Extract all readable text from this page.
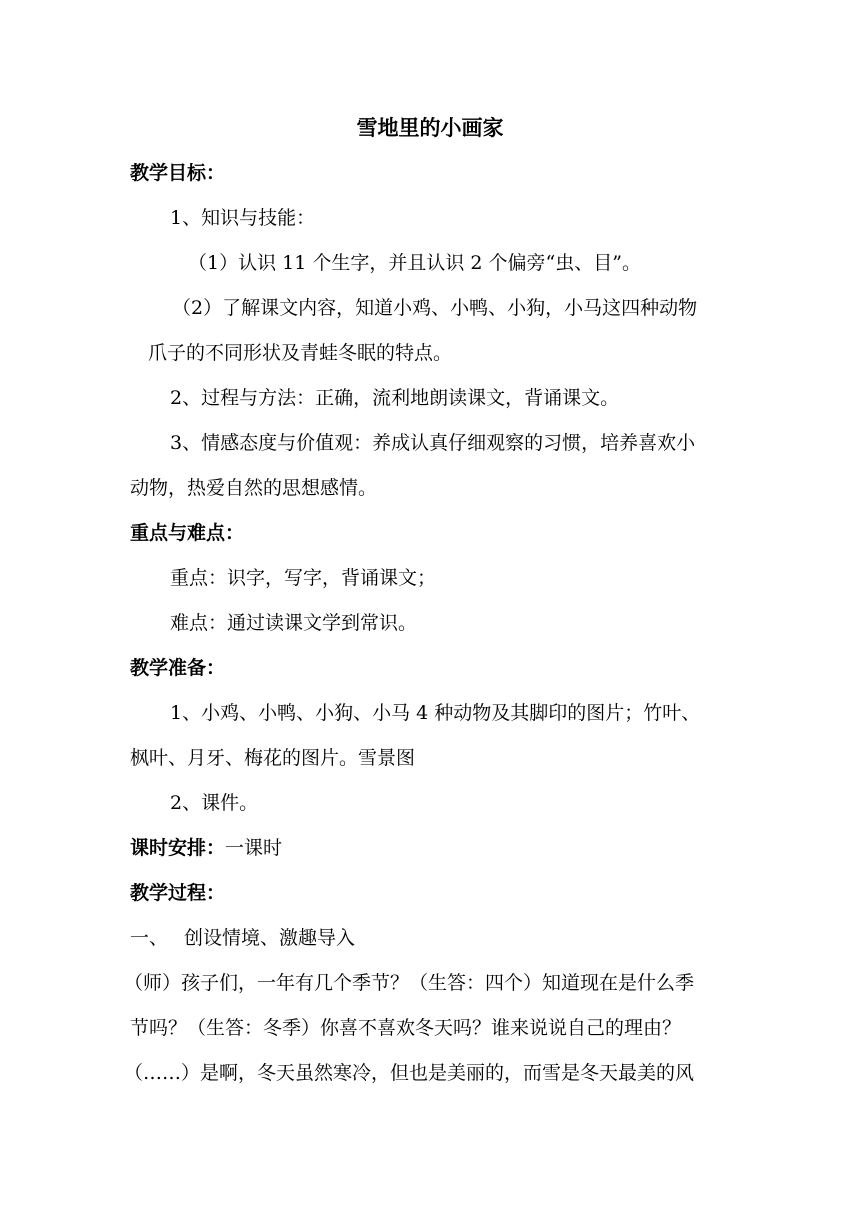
雪地里的小画家
教学目标：
1、知识与技能：
（1）认识 11 个生字，并且认识 2 个偏旁“虫、目”。
（2）了解课文内容，知道小鸡、小鸭、小狗，小马这四种动物
爪子的不同形状及青蛙冬眠的特点。
2、过程与方法：正确，流利地朗读课文，背诵课文。
3、情感态度与价值观：养成认真仔细观察的习惯，培养喜欢小
动物，热爱自然的思想感情。
重点与难点：
重点：识字，写字，背诵课文；
难点：通过读课文学到常识。
教学准备：
1、小鸡、小鸭、小狗、小马 4 种动物及其脚印的图片；竹叶、
枫叶、月牙、梅花的图片。雪景图
2、课件。
课时安排：一课时
教学过程：
一、 创设情境、激趣导入
（师）孩子们，一年有几个季节？（生答：四个）知道现在是什么季
节吗？（生答：冬季）你喜不喜欢冬天吗？谁来说说自己的理由？
（……）是啊，冬天虽然寒冷，但也是美丽的，而雪是冬天最美的风
